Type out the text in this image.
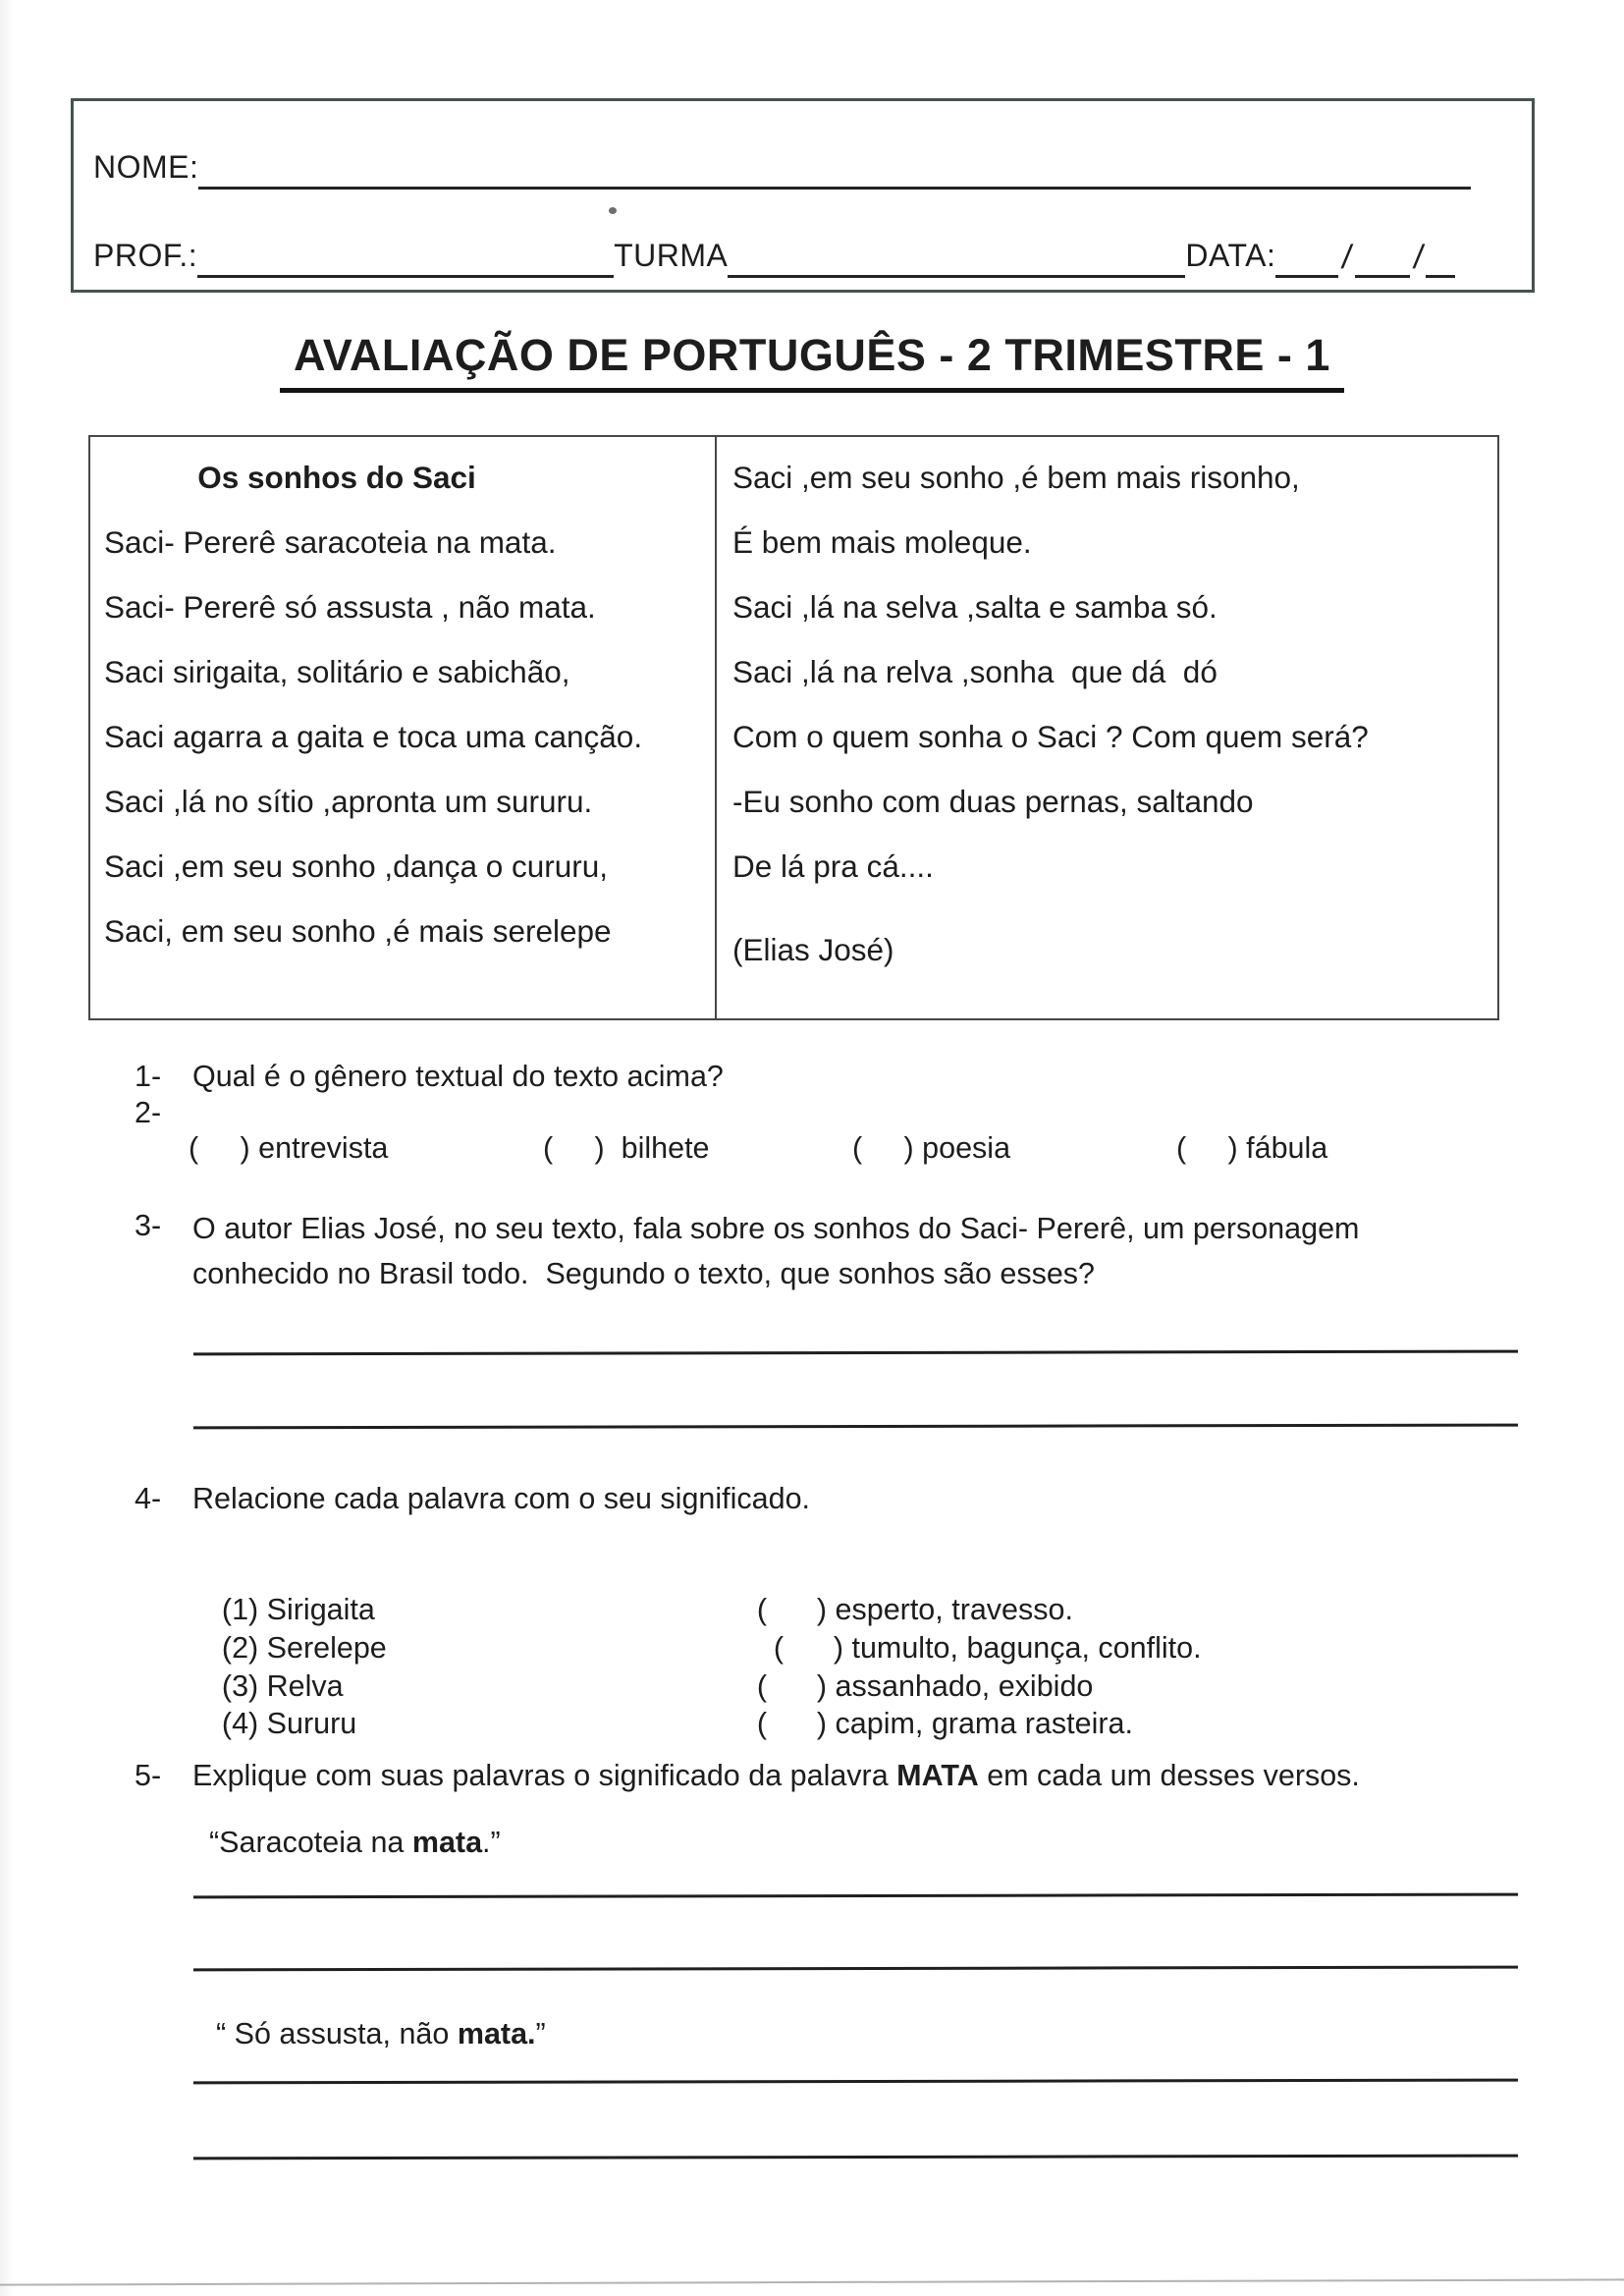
NOME:
PROF.:	TURMA	DATA: / /
AVALIAÇÃO DE PORTUGUÊS - 2 TRIMESTRE - 1
Os sonhos do Saci
Saci- Pererê saracoteia na mata.
Saci- Pererê só assusta , não mata.
Saci sirigaita, solitário e sabichão,
Saci agarra a gaita e toca uma canção.
Saci ,lá no sítio ,apronta um sururu.
Saci ,em seu sonho ,dança o cururu,
Saci, em seu sonho ,é mais serelepe
Saci ,em seu sonho ,é bem mais risonho,
É bem mais moleque.
Saci ,lá na selva ,salta e samba só.
Saci ,lá na relva ,sonha  que dá  dó
Com o quem sonha o Saci ? Com quem será?
-Eu sonho com duas pernas, saltando
De lá pra cá....
(Elias José)
1-	Qual é o gênero textual do texto acima?
2-
(     ) entrevista	(     )  bilhete	(     ) poesia	(     ) fábula
3-	O autor Elias José, no seu texto, fala sobre os sonhos do Saci- Pererê, um personagem
conhecido no Brasil todo.  Segundo o texto, que sonhos são esses?
4-	Relacione cada palavra com o seu significado.

(1) Sirigaita	(      ) esperto, travesso.

(2) Serelepe	(      ) tumulto, bagunça, conflito.

(3) Relva	(      ) assanhado, exibido

(4) Sururu	(      ) capim, grama rasteira.

5-	Explique com suas palavras o significado da palavra MATA em cada um desses versos.
“Saracoteia na mata.”
“ Só assusta, não mata.”
